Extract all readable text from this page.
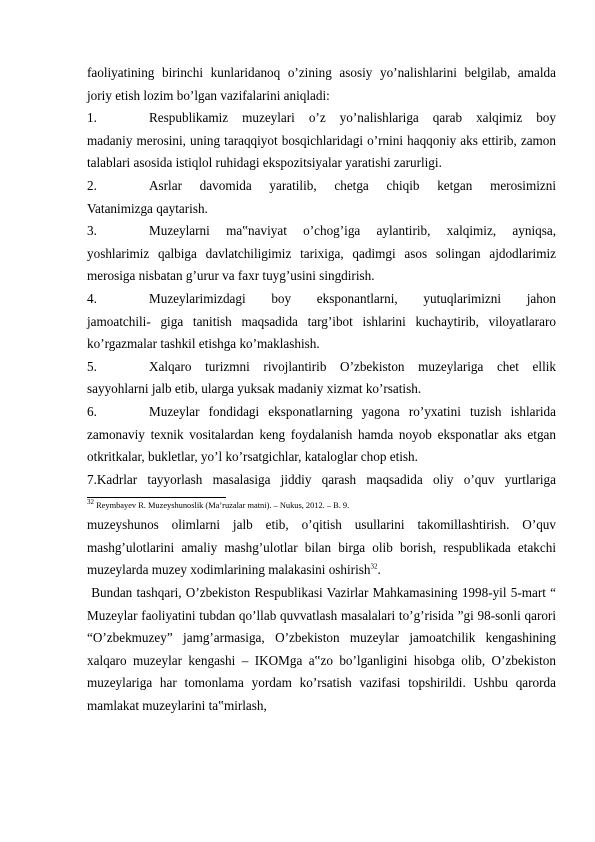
faoliyatining birinchi kunlaridanoq o’zining asosiy yo’nalishlarini belgilab, amalda

joriy etish lozim bo’lgan vazifalarini aniqladi:

1.	Respublikamiz muzeylari o’z yo’nalishlariga qarab xalqimiz boy

madaniy merosini, uning taraqqiyot bosqichlaridagi o’rnini haqqoniy aks ettirib, zamon talablari asosida istiqlol ruhidagi ekspozitsiyalar yaratishi zarurligi.

2.	Asrlar davomida yaratilib, chetga chiqib ketgan merosimizni

Vatanimizga qaytarish.

3.	Muzeylarni ma‟naviyat o’chog’iga aylantirib, xalqimiz, ayniqsa,

yoshlarimiz qalbiga davlatchiligimiz tarixiga, qadimgi asos solingan ajdodlarimiz merosiga nisbatan g’urur va faxr tuyg’usini singdirish.

4.	Muzeylarimizdagi boy eksponantlarni, yutuqlarimizni jahon

jamoatchili- giga tanitish maqsadida targ’ibot ishlarini kuchaytirib, viloyatlararo ko’rgazmalar tashkil etishga ko’maklashish.

5.	Xalqaro turizmni rivojlantirib O’zbekiston muzeylariga chet ellik

sayyohlarni jalb etib, ularga yuksak madaniy xizmat ko’rsatish.

6.	Muzeylar fondidagi eksponatlarning yagona ro’yxatini tuzish ishlarida

zamonaviy texnik vositalardan keng foydalanish hamda noyob eksponatlar aks etgan otkritkalar, bukletlar, yo’l ko’rsatgichlar, kataloglar chop etish.

7.Kadrlar tayyorlash masalasiga jiddiy qarash maqsadida oliy o’quv yurtlariga

$^{32}$ Reymbayev R. Muzeyshunoslik (Ma’ruzalar matni). – Nukus, 2012. – B. 9.

muzeyshunos olimlarni jalb etib, o’qitish usullarini takomillashtirish. O’quv mashg’ulotlarini amaliy mashg’ulotlar bilan birga olib borish, respublikada etakchi muzeylarda muzey xodimlarining malakasini oshirish$^{32}$.

Bundan tashqari, O’zbekiston Respublikasi Vazirlar Mahkamasining 1998-yil 5-mart “ Muzeylar faoliyatini tubdan qo’llab quvvatlash masalalari to’g’risida ”gi 98-sonli qarori “O’zbekmuzey” jamg’armasiga, O’zbekiston muzeylar jamoatchilik kengashining xalqaro muzeylar kengashi – IKOMga a‟zo bo’lganligini hisobga olib, O’zbekiston muzeylariga har tomonlama yordam ko’rsatish vazifasi topshirildi. Ushbu qarorda mamlakat muzeylarini ta‟mirlash,
